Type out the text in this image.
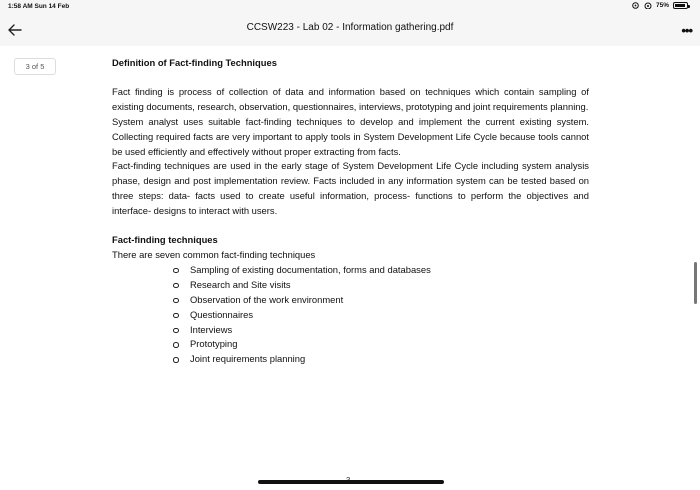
1:58 AM Sun 14 Feb	75%
CCSW223 - Lab 02 - Information gathering.pdf	•••
3 of 5	Definition of Fact-finding Techniques

Fact finding is process of collection of data and information based on techniques which contain sampling of existing documents, research, observation, questionnaires, interviews, prototyping and joint requirements planning.

System analyst uses suitable fact-finding techniques to develop and implement the current existing system. Collecting required facts are very important to apply tools in System Development Life Cycle because tools cannot be used efficiently and effectively without proper extracting from facts.

Fact-finding techniques are used in the early stage of System Development Life Cycle including system analysis phase, design and post implementation review. Facts included in any information system can be tested based on three steps: data- facts used to create useful information, process- functions to perform the objectives and interface- designs to interact with users.

Fact-finding techniques

There are seven common fact-finding techniques

Sampling of existing documentation, forms and databases
Research and Site visits
Observation of the work environment
Questionnaires
Interviews
Prototyping
Joint requirements planning
